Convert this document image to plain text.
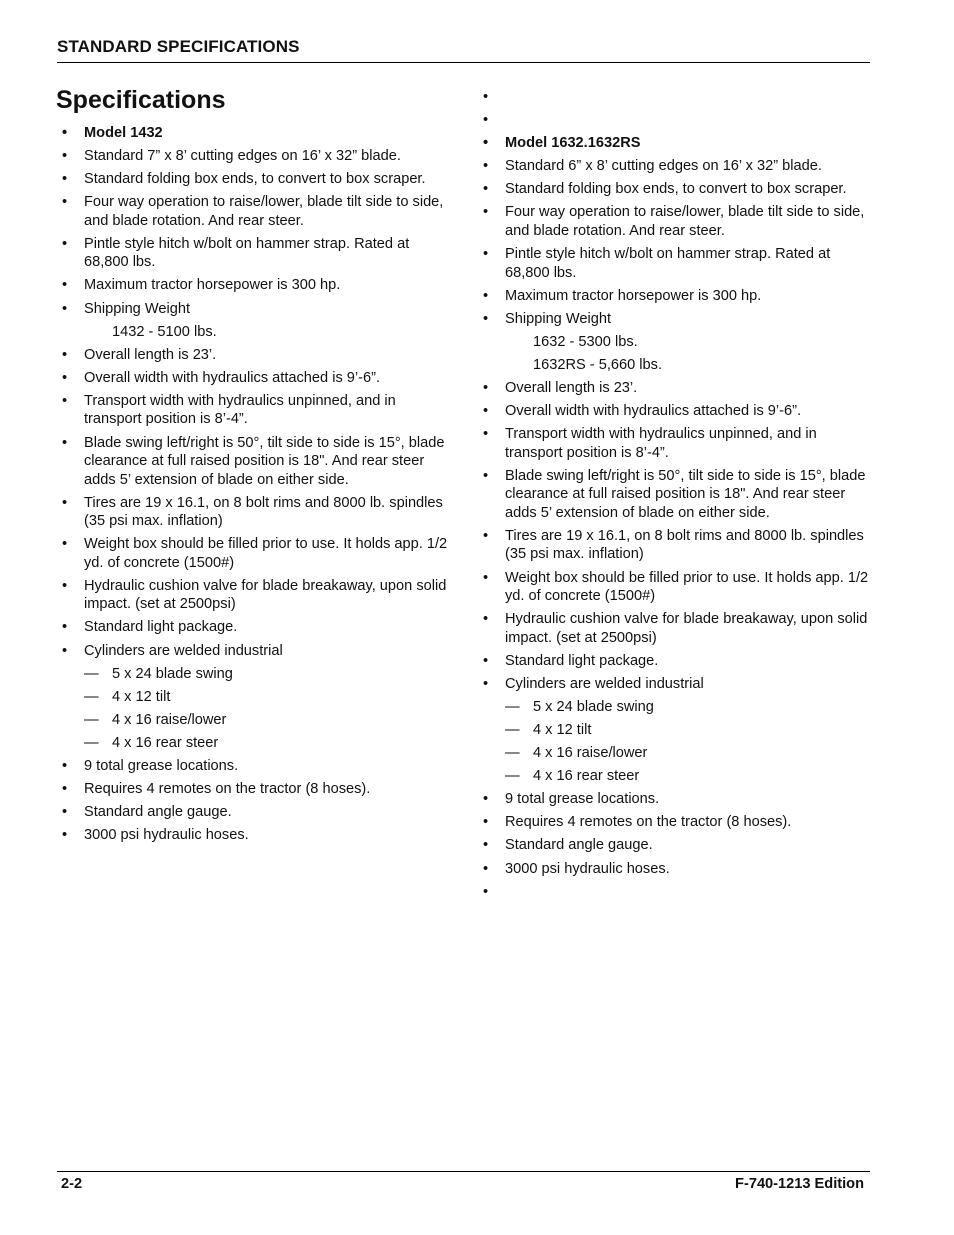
STANDARD SPECIFICATIONS
Specifications
• Model 1432
• Standard 7” x 8’ cutting edges on 16’ x 32” blade.
• Standard folding box ends, to convert to box scraper.
• Four way operation to raise/lower, blade tilt side to side, and blade rotation. And rear steer.
• Pintle style hitch w/bolt on hammer strap. Rated at 68,800 lbs.
• Maximum tractor horsepower is 300 hp.
• Shipping Weight
1432 - 5100 lbs.
• Overall length is 23’.
• Overall width with hydraulics attached is 9’-6”.
• Transport width with hydraulics unpinned, and in transport position is 8’-4”.
• Blade swing left/right is 50°, tilt side to side is 15°, blade clearance at full raised position is 18". And rear steer adds 5’ extension of blade on either side.
• Tires are 19 x 16.1, on 8 bolt rims and 8000 lb. spindles (35 psi max. inflation)
• Weight box should be filled prior to use. It holds app. 1/2 yd. of concrete (1500#)
• Hydraulic cushion valve for blade breakaway, upon solid impact. (set at 2500psi)
• Standard light package.
• Cylinders are welded industrial
— 5 x 24 blade swing
— 4 x 12 tilt
— 4 x 16 raise/lower
— 4 x 16 rear steer
• 9 total grease locations.
• Requires 4 remotes on the tractor (8 hoses).
• Standard angle gauge.
• 3000 psi hydraulic hoses.
•
•
• Model 1632.1632RS
• Standard 6” x 8’ cutting edges on 16’ x 32” blade.
• Standard folding box ends, to convert to box scraper.
• Four way operation to raise/lower, blade tilt side to side, and blade rotation. And rear steer.
• Pintle style hitch w/bolt on hammer strap. Rated at 68,800 lbs.
• Maximum tractor horsepower is 300 hp.
• Shipping Weight
1632 - 5300 lbs.
1632RS - 5,660 lbs.
• Overall length is 23’.
• Overall width with hydraulics attached is 9’-6”.
• Transport width with hydraulics unpinned, and in transport position is 8’-4”.
• Blade swing left/right is 50°, tilt side to side is 15°, blade clearance at full raised position is 18". And rear steer adds 5’ extension of blade on either side.
• Tires are 19 x 16.1, on 8 bolt rims and 8000 lb. spindles (35 psi max. inflation)
• Weight box should be filled prior to use. It holds app. 1/2 yd. of concrete (1500#)
• Hydraulic cushion valve for blade breakaway, upon solid impact. (set at 2500psi)
• Standard light package.
• Cylinders are welded industrial
— 5 x 24 blade swing
— 4 x 12 tilt
— 4 x 16 raise/lower
— 4 x 16 rear steer
• 9 total grease locations.
• Requires 4 remotes on the tractor (8 hoses).
• Standard angle gauge.
• 3000 psi hydraulic hoses.
•
2-2	F-740-1213 Edition
